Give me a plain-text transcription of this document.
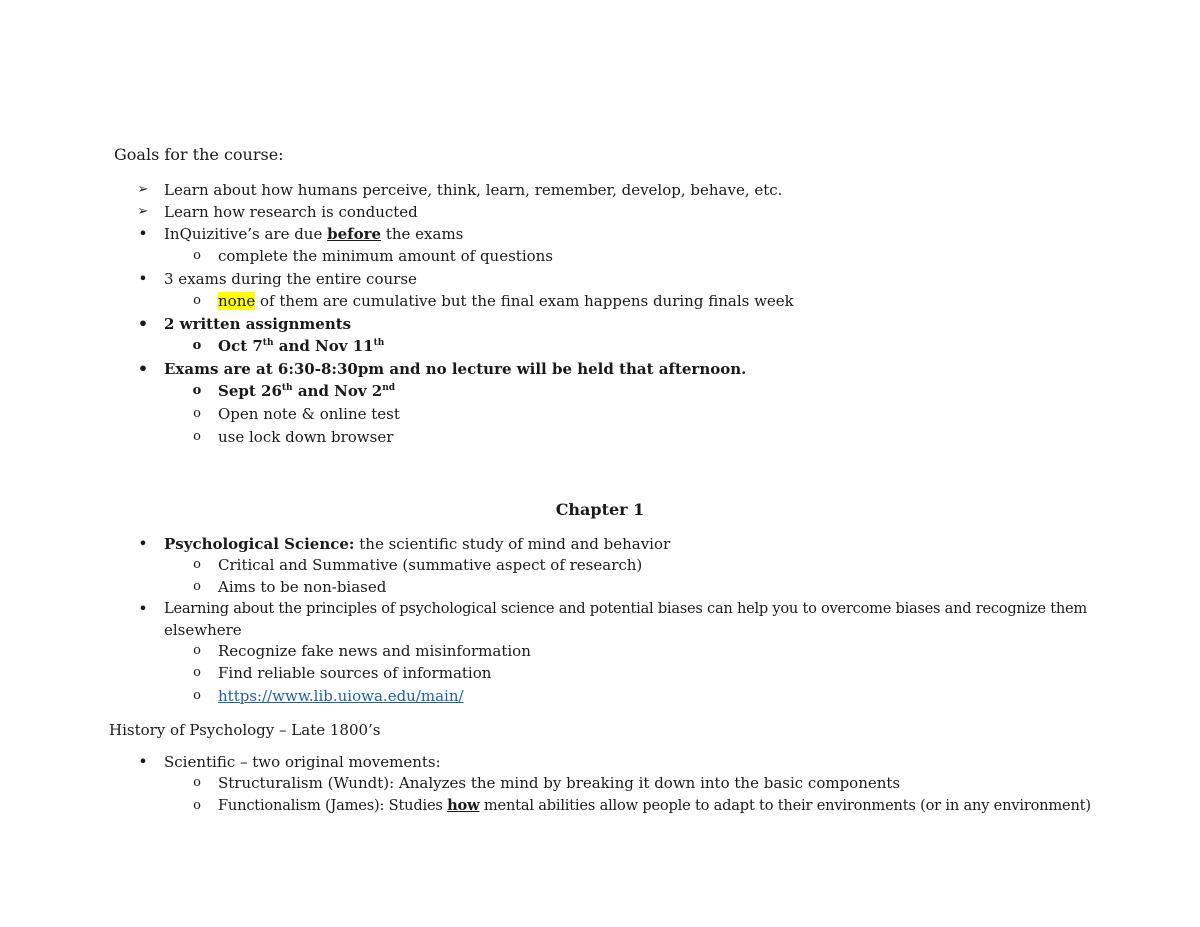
Goals for the course:
➢ Learn about how humans perceive, think, learn, remember, develop, behave, etc.
➢ Learn how research is conducted
• InQuizitive’s are due before the exams
o complete the minimum amount of questions
• 3 exams during the entire course
o none of them are cumulative but the final exam happens during finals week
• 2 written assignments
o Oct 7th and Nov 11th
• Exams are at 6:30-8:30pm and no lecture will be held that afternoon.
o Sept 26th and Nov 2nd
o Open note & online test
o use lock down browser
Chapter 1
• Psychological Science: the scientific study of mind and behavior
o Critical and Summative (summative aspect of research)
o Aims to be non-biased
• Learning about the principles of psychological science and potential biases can help you to overcome biases and recognize them
elsewhere
o Recognize fake news and misinformation
o Find reliable sources of information
o https://www.lib.uiowa.edu/main/
History of Psychology – Late 1800’s
• Scientific – two original movements:
o Structuralism (Wundt): Analyzes the mind by breaking it down into the basic components
o Functionalism (James): Studies how mental abilities allow people to adapt to their environments (or in any environment)
